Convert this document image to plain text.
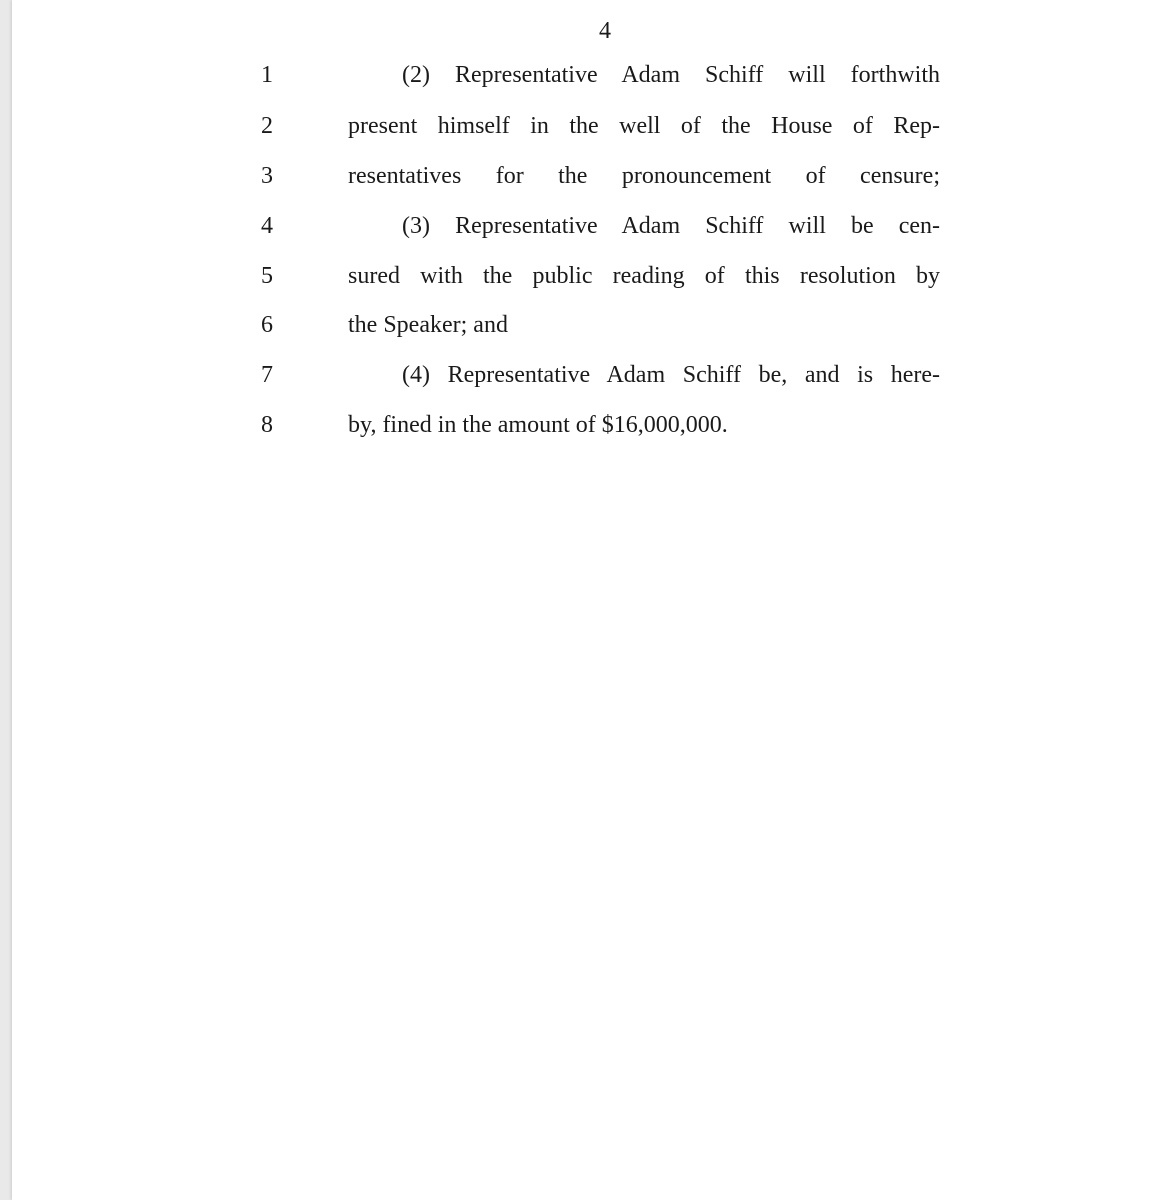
4
1	(2) Representative Adam Schiff will forthwith
2	present himself in the well of the House of Rep-
3	resentatives for the pronouncement of censure;
4	(3) Representative Adam Schiff will be cen-
5	sured with the public reading of this resolution by
6	the Speaker; and
7	(4) Representative Adam Schiff be, and is here-
8	by, fined in the amount of $16,000,000.
